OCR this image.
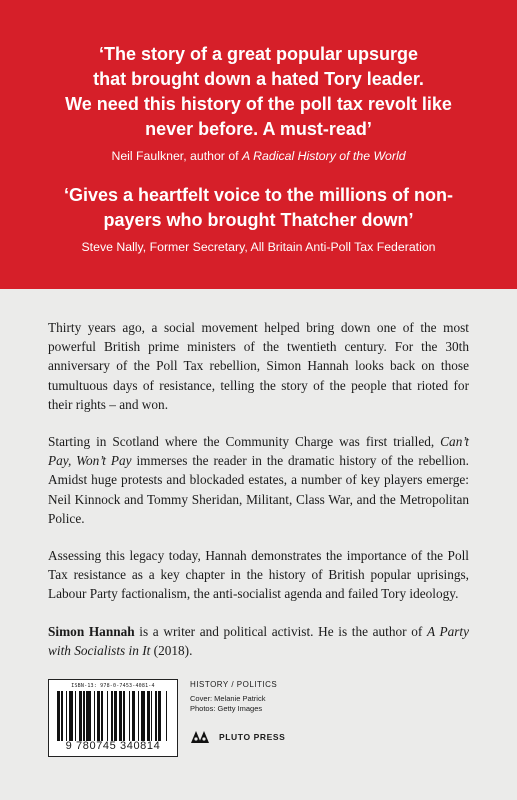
‘The story of a great popular upsurge
that brought down a hated Tory leader.
We need this history of the poll tax revolt like
never before. A must-read’

Neil Faulkner, author of A Radical History of the World

‘Gives a heartfelt voice to the millions of non-
payers who brought Thatcher down’

Steve Nally, Former Secretary, All Britain Anti-Poll Tax Federation

Thirty years ago, a social movement helped bring down one of the most powerful British prime ministers of the twentieth century. For the 30th anniversary of the Poll Tax rebellion, Simon Hannah looks back on those tumultuous days of resistance, telling the story of the people that rioted for their rights – and won.

Starting in Scotland where the Community Charge was first trialled, Can’t Pay, Won’t Pay immerses the reader in the dramatic history of the rebellion. Amidst huge protests and blockaded estates, a number of key players emerge: Neil Kinnock and Tommy Sheridan, Militant, Class War, and the Metropolitan Police.

Assessing this legacy today, Hannah demonstrates the importance of the Poll Tax resistance as a key chapter in the history of British popular uprisings, Labour Party factionalism, the anti-socialist agenda and failed Tory ideology.

Simon Hannah is a writer and political activist. He is the author of A Party with Socialists in It (2018).

ISBN-13: 978-0-7453-4081-4
9 780745 340814
HISTORY / POLITICS
Cover: Melanie Patrick
Photos: Getty Images
PLUTO PRESS
